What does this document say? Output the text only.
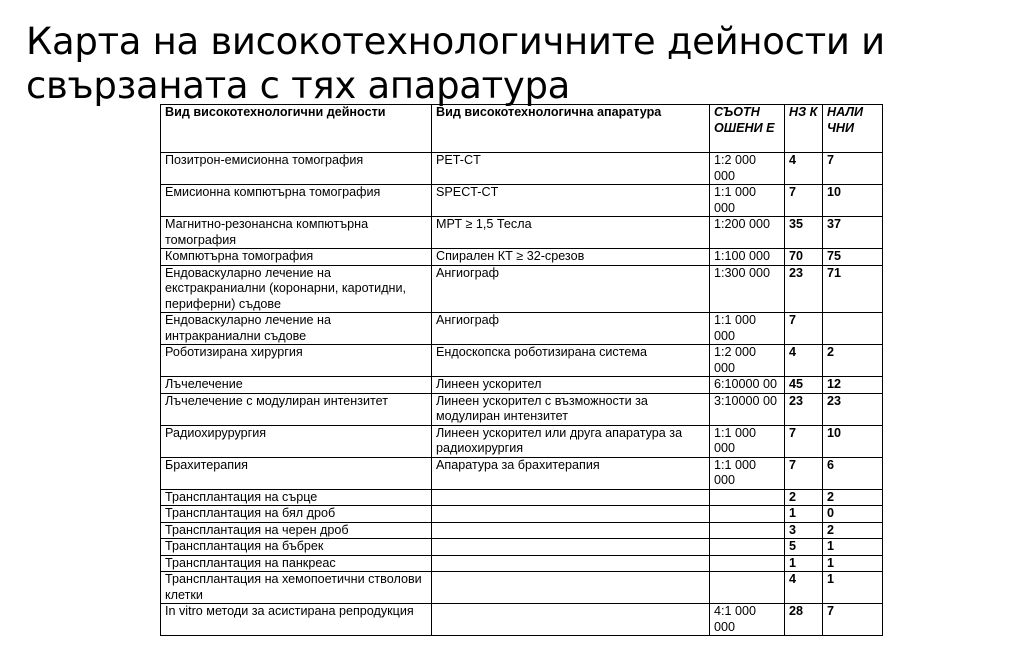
Карта на високотехнологичните дейности и свързаната с тях апаратура
Вид високотехнологични дейности	Вид високотехнологична апаратура	СЪОТН ОШЕНИ Е	НЗ К	НАЛИ ЧНИ
Позитрон-емисионна томография	PET-CT	1:2 000 000	4	7
Емисионна компютърна томография	SPECT-CT	1:1 000 000	7	10
Магнитно-резонансна компютърна томография	МРТ ≥ 1,5 Тесла	1:200 000	35	37
Компютърна томография	Спирален КТ ≥ 32-срезов	1:100 000	70	75
Ендоваскуларно лечение на екстракраниални (коронарни, каротидни, периферни) съдове	Ангиограф	1:300 000	23	71
Ендоваскуларно лечение на интракраниални съдове	Ангиограф	1:1 000 000	7	
Роботизирана хирургия	Ендоскопска роботизирана система	1:2 000 000	4	2
Лъчелечение	Линеен ускорител	6:10000 00	45	12
Лъчелечение с модулиран интензитет	Линеен ускорител с възможности за модулиран интензитет	3:10000 00	23	23
Радиохирурургия	Линеен ускорител или друга апаратура за радиохирургия	1:1 000 000	7	10
Брахитерапия	Апаратура за брахитерапия	1:1 000 000	7	6
Трансплантация на сърце			2	2
Трансплантация на бял дроб			1	0
Трансплантация на черен дроб			3	2
Трансплантация на бъбрек			5	1
Трансплантация на панкреас			1	1
Трансплантация на хемопоетични стволови клетки			4	1
In vitro методи за асистирана репродукция		4:1 000 000	28	7
